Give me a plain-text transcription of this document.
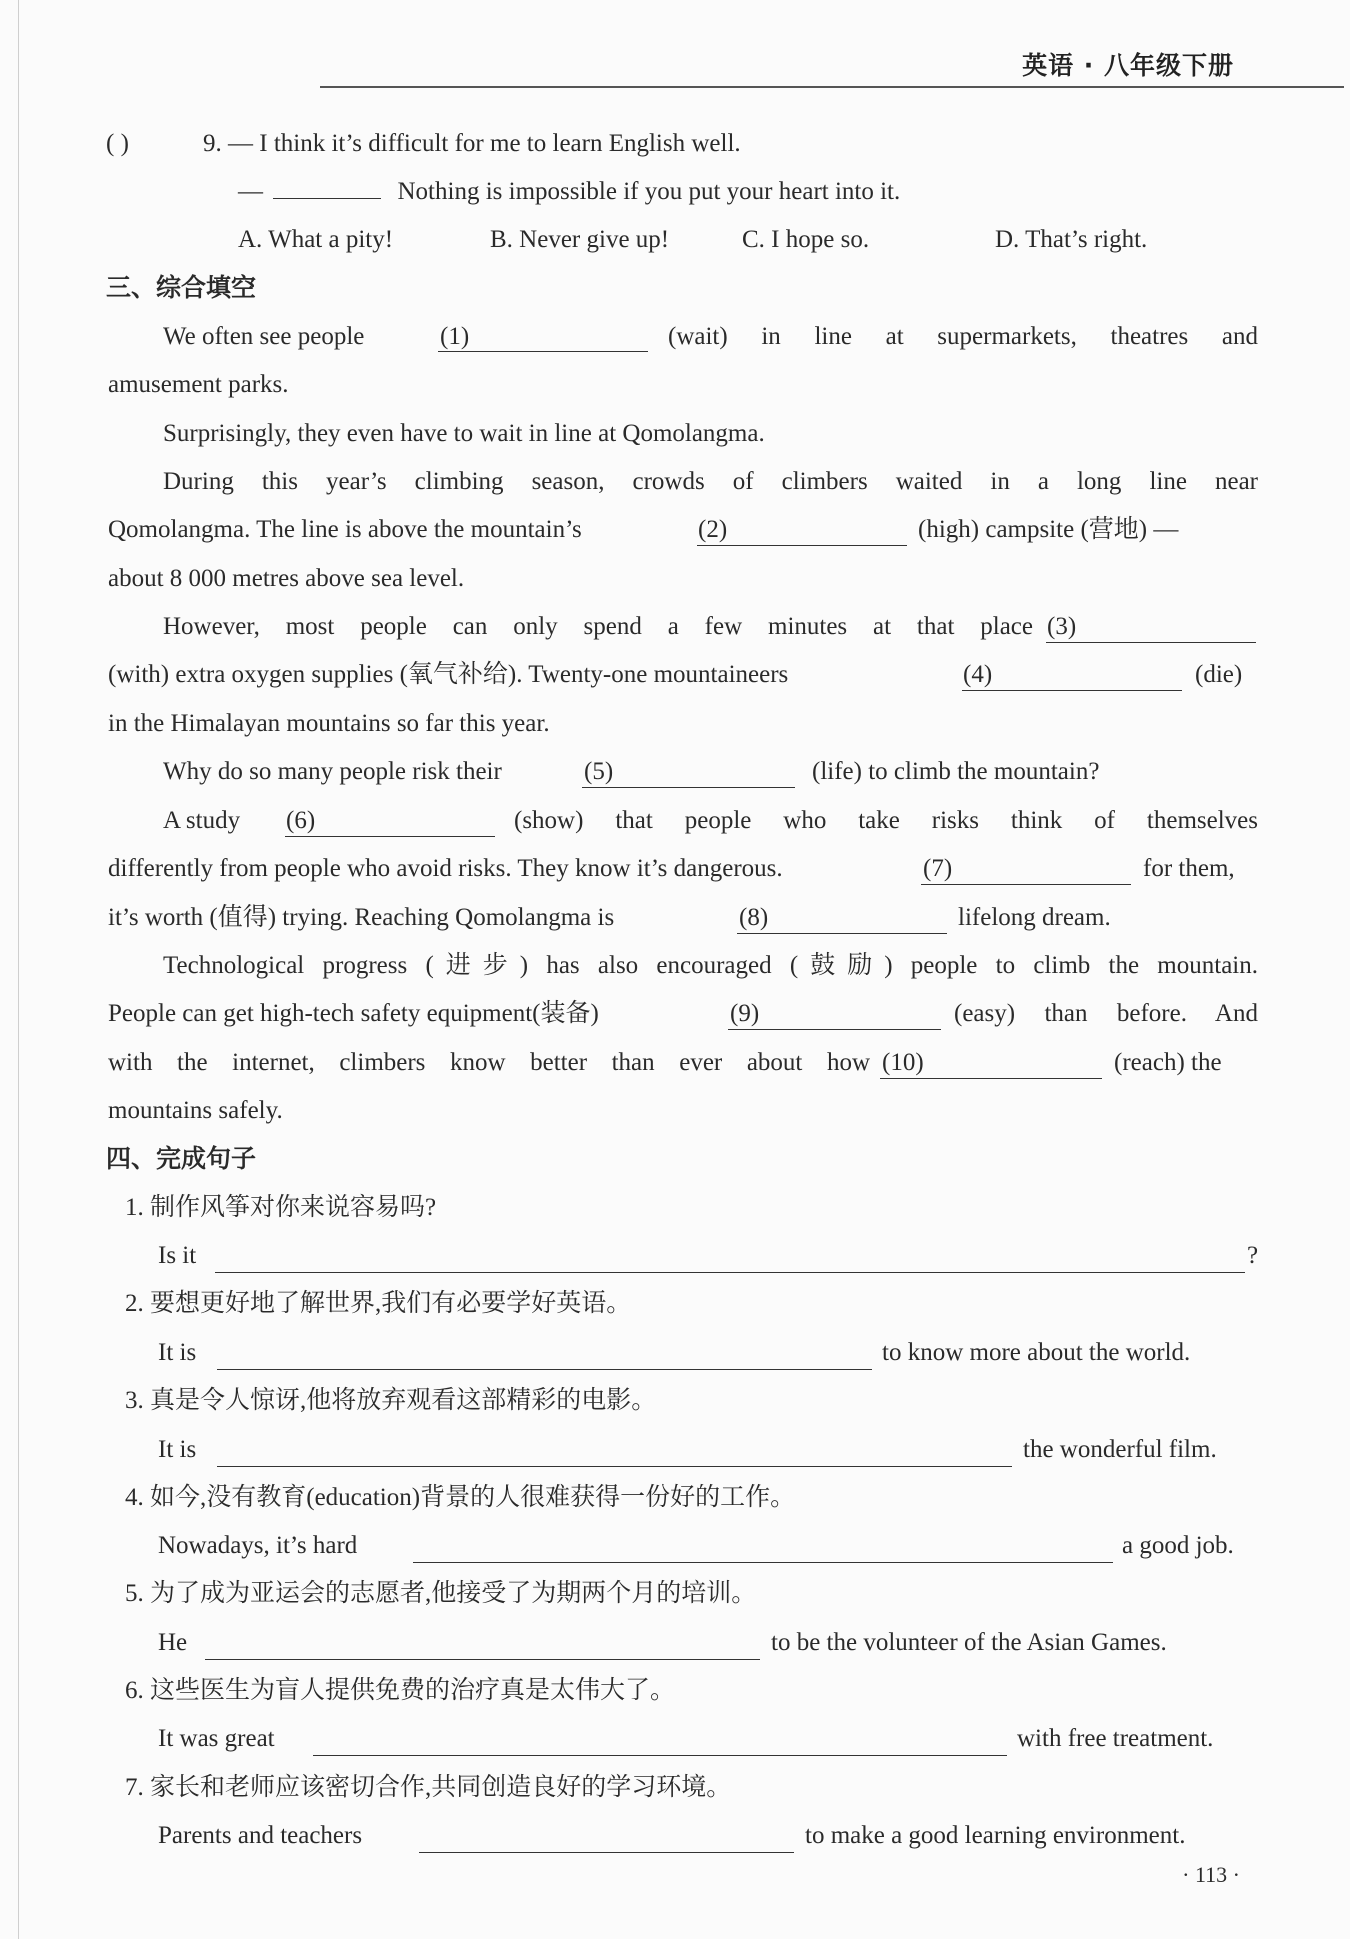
英语 · 八年级下册
( )	9. — I think it’s difficult for me to learn English well.
—	Nothing is impossible if you put your heart into it.
A. What a pity!	B. Never give up!	C. I hope so.	D. That’s right.
三、综合填空
We often see people	(1)	(wait) in line at supermarkets, theatres and
amusement parks.
Surprisingly, they even have to wait in line at Qomolangma.
During this year’s climbing season, crowds of climbers waited in a long line near
Qomolangma. The line is above the mountain’s	(2)	(high) campsite (营地) —
about 8 000 metres above sea level.
However, most people can only spend a few minutes at that place (3)
(with) extra oxygen supplies (氧气补给). Twenty-one mountaineers	(4)	(die)
in the Himalayan mountains so far this year.
Why do so many people risk their	(5)	(life) to climb the mountain?
A study (6)	(show) that people who take risks think of themselves
differently from people who avoid risks. They know it’s dangerous.	(7)	for them,
it’s worth (值得) trying. Reaching Qomolangma is	(8)	lifelong dream.
Technological progress (进步) has also encouraged (鼓励) people to climb the mountain.
People can get high-tech safety equipment(装备)	(9)	(easy) than before. And
with the internet, climbers know better than ever about how (10)	(reach) the
mountains safely.
四、完成句子
1. 制作风筝对你来说容易吗?
Is it	?
2. 要想更好地了解世界,我们有必要学好英语。
It is	to know more about the world.
3. 真是令人惊讶,他将放弃观看这部精彩的电影。
It is	the wonderful film.
4. 如今,没有教育(education)背景的人很难获得一份好的工作。
Nowadays, it’s hard	a good job.
5. 为了成为亚运会的志愿者,他接受了为期两个月的培训。
He	to be the volunteer of the Asian Games.
6. 这些医生为盲人提供免费的治疗真是太伟大了。
It was great	with free treatment.
7. 家长和老师应该密切合作,共同创造良好的学习环境。
Parents and teachers	to make a good learning environment.
· 113 ·
